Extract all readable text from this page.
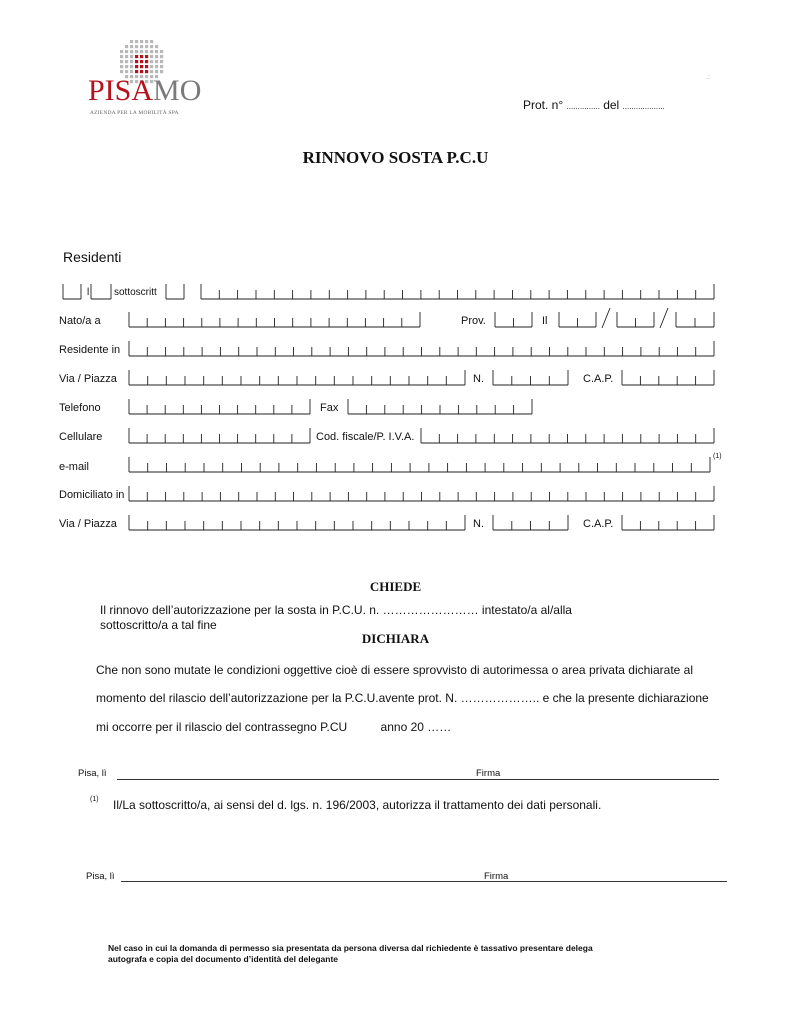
PISAMO
AZIENDA PER LA MOBILITÀ SPA
.:
Prot. n° ............... del ...................
RINNOVO SOSTA P.C.U
Residenti
l sottoscritt
Nato/a a	Prov.	Il
Residente in
Via / Piazza	N.	C.A.P.
Telefono	Fax
Cellulare	Cod. fiscale/P. I.V.A.
e-mail
(1)
Domiciliato in
Via / Piazza	N.	C.A.P.
CHIEDE
Il rinnovo dell’autorizzazione per la sosta in P.C.U. n. …………………… intestato/a al/alla
sottoscritto/a a tal fine
DICHIARA
Che non sono mutate le condizioni oggettive cioè di essere sprovvisto di autorimessa o area privata dichiarate al
momento del rilascio dell’autorizzazione per la P.C.U.avente prot. N. ……………….. e che la presente dichiarazione
mi occorre per il rilascio del contrassegno P.CU          anno 20 ……
Pisa, lì	Firma
(1) Il/La sottoscritto/a, ai sensi del d. lgs. n. 196/2003, autorizza il trattamento dei dati personali.
Pisa, lì	Firma
Nel caso in cui la domanda di permesso sia presentata da persona diversa dal richiedente è tassativo presentare delega
autografa e copia del documento d’identità del delegante
